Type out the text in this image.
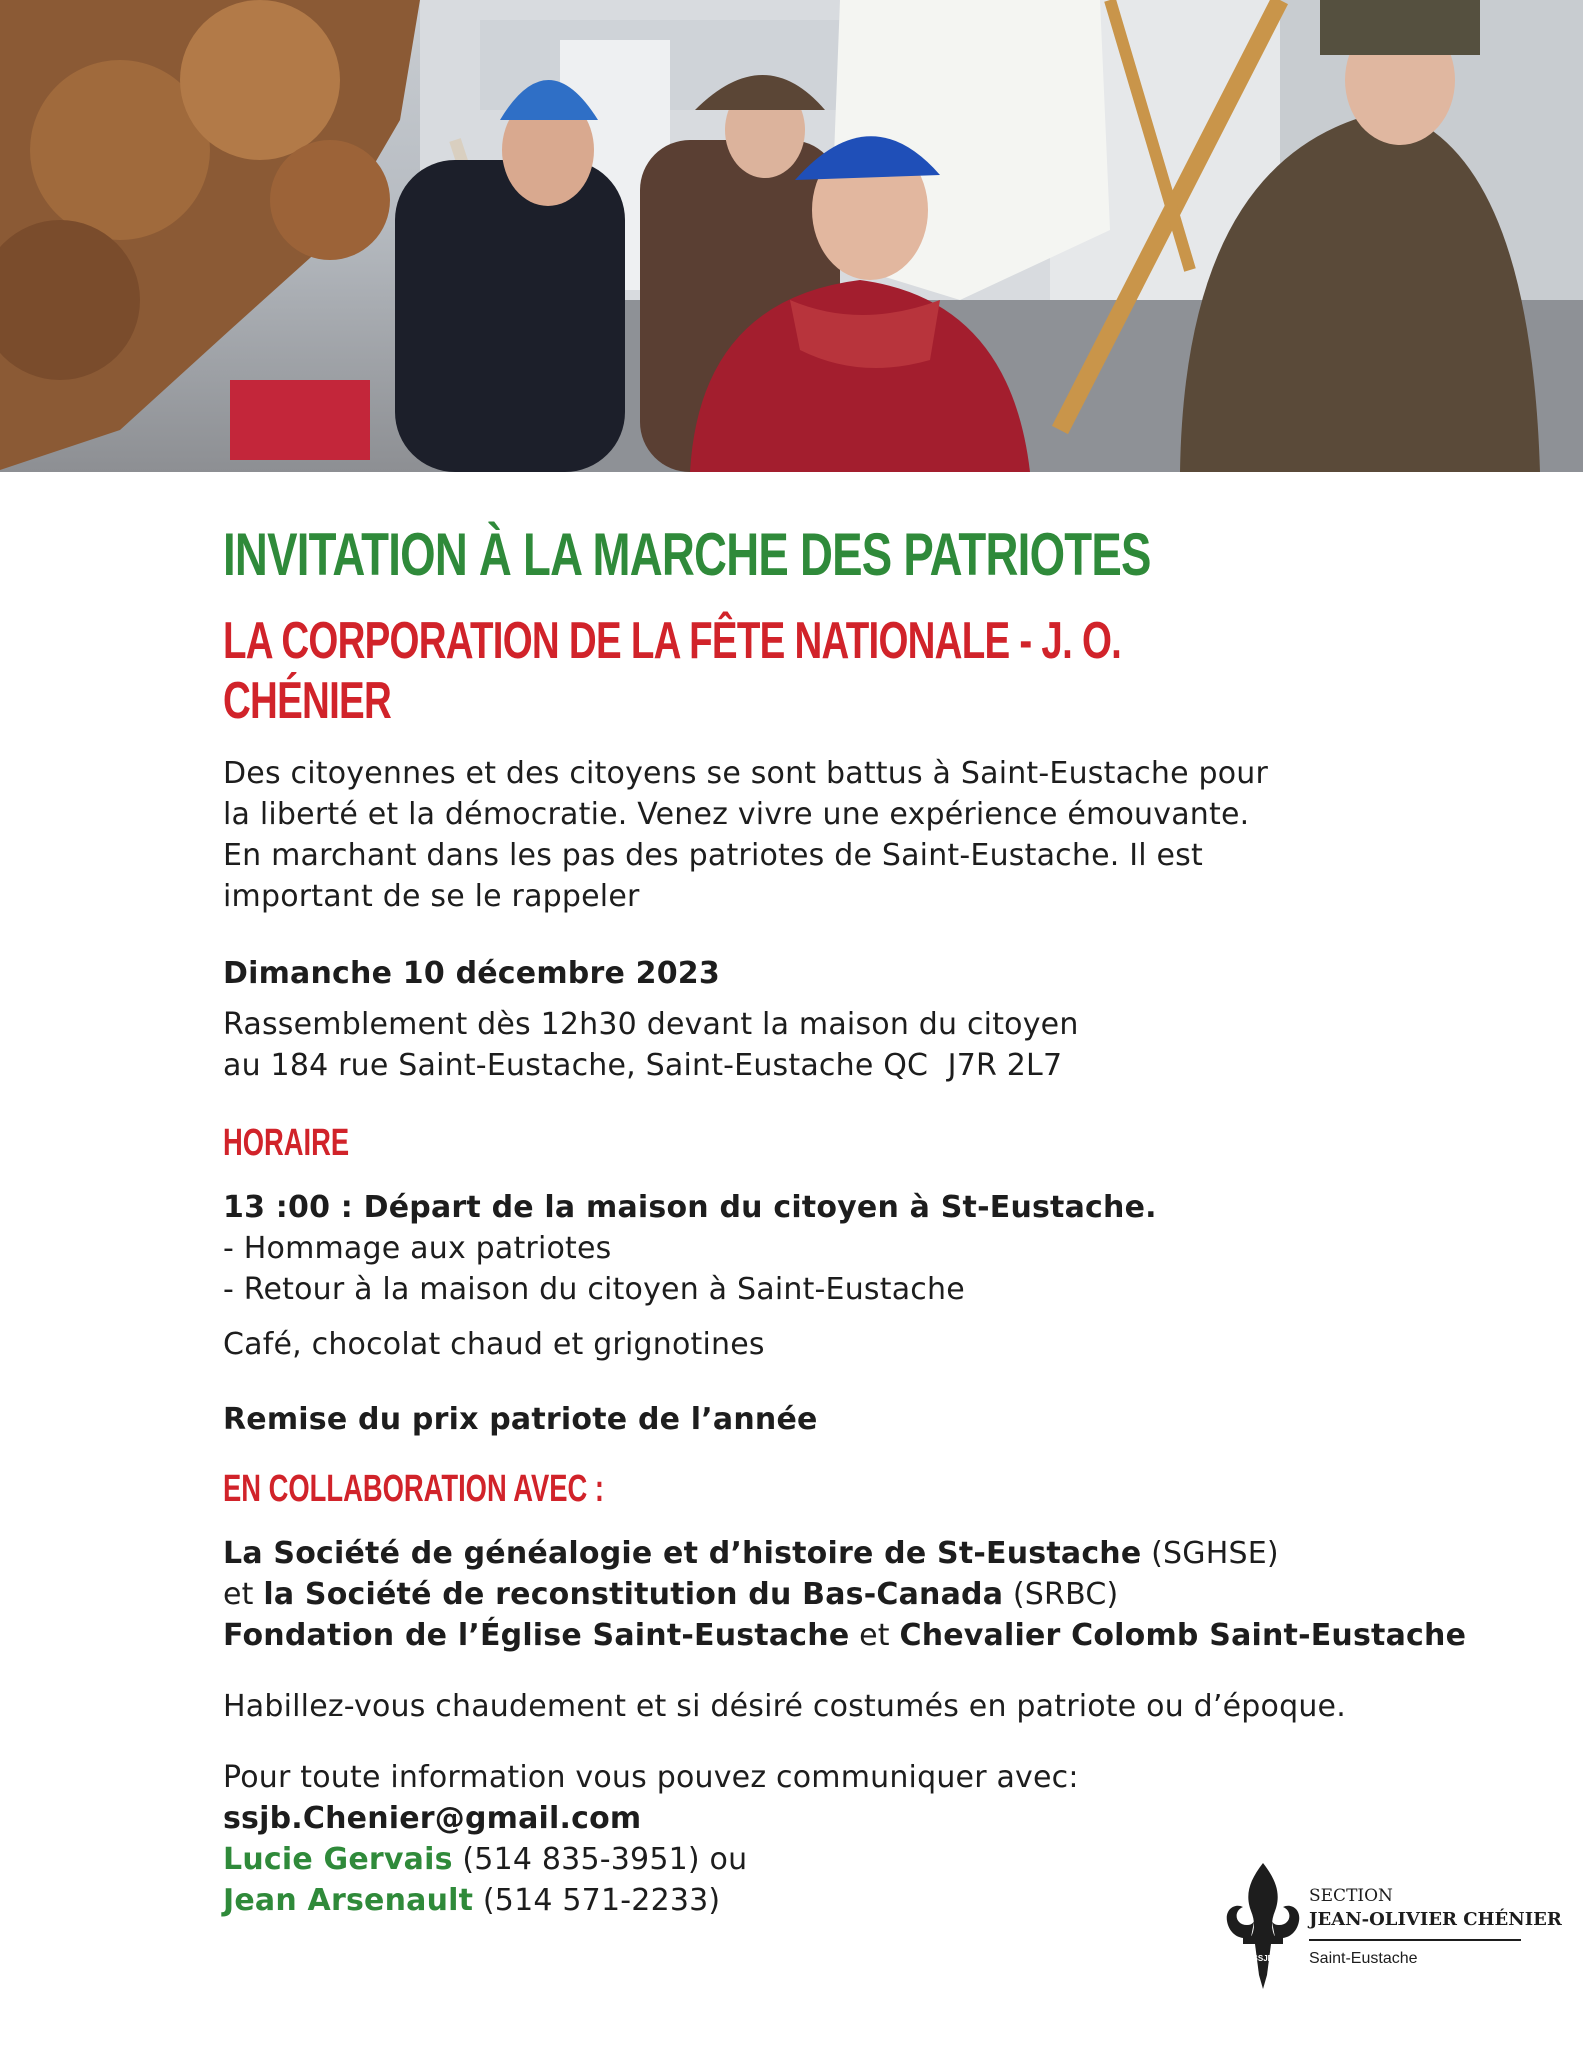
INVITATION À LA MARCHE DES PATRIOTES
LA CORPORATION DE LA FÊTE NATIONALE - J. O. CHÉNIER

Des citoyennes et des citoyens se sont battus à Saint-Eustache pour

la liberté et la démocratie. Venez vivre une expérience émouvante.

En marchant dans les pas des patriotes de Saint-Eustache. Il est

important de se le rappeler

Dimanche 10 décembre 2023

Rassemblement dès 12h30 devant la maison du citoyen

au 184 rue Saint-Eustache, Saint-Eustache QC  J7R 2L7

HORAIRE

13 :00 : Départ de la maison du citoyen à St-Eustache.

- Hommage aux patriotes

- Retour à la maison du citoyen à Saint-Eustache

Café, chocolat chaud et grignotines

Remise du prix patriote de l’année

EN COLLABORATION AVEC :

La Société de généalogie et d’histoire de St-Eustache (SGHSE)

et la Société de reconstitution du Bas-Canada (SRBC)

Fondation de l’Église Saint-Eustache et Chevalier Colomb Saint-Eustache

Habillez-vous chaudement et si désiré costumés en patriote ou d’époque.

Pour toute information vous pouvez communiquer avec:

ssjb.Chenier@gmail.com

Lucie Gervais (514 835-3951) ou

Jean Arsenault (514 571-2233)

SSJB
SECTION
JEAN-OLIVIER CHÉNIER
Saint-Eustache
